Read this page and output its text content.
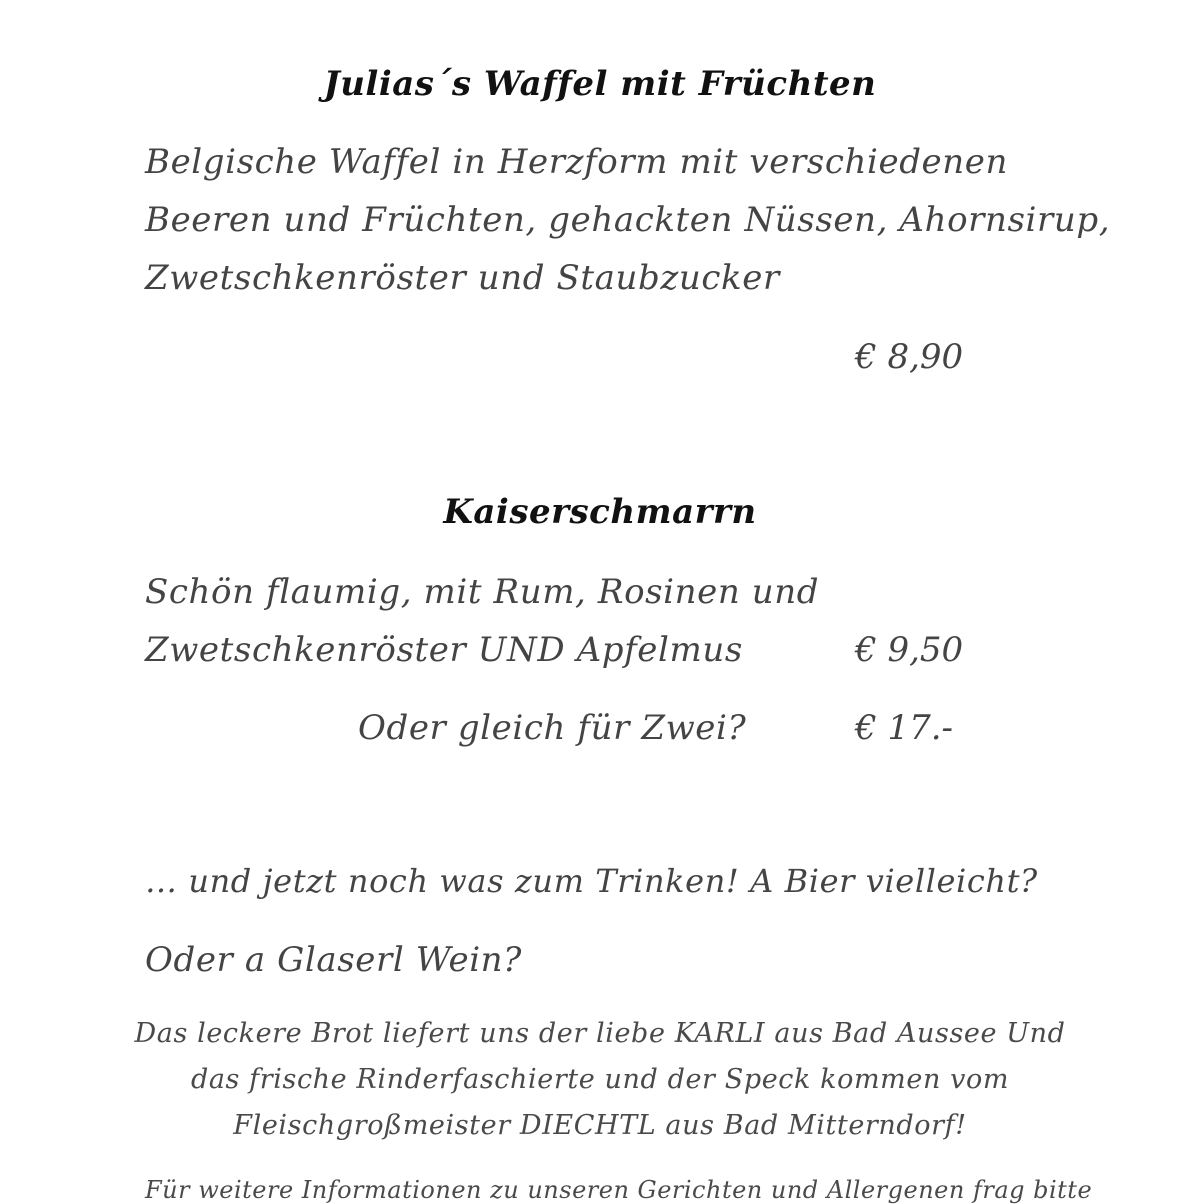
Julias´s Waffel mit Früchten
Belgische Waffel in Herzform mit verschiedenen
Beeren und Früchten, gehackten Nüssen, Ahornsirup,
Zwetschkenröster und Staubzucker
€ 8,90
Kaiserschmarrn
Schön flaumig, mit Rum, Rosinen und
Zwetschkenröster UND Apfelmus	€ 9,50
Oder gleich für Zwei?	€ 17.-
… und jetzt noch was zum Trinken! A Bier vielleicht?
Oder a Glaserl Wein?
Das leckere Brot liefert uns der liebe KARLI aus Bad Aussee Und
das frische Rinderfaschierte und der Speck kommen vom
Fleischgroßmeister DIECHTL aus Bad Mitterndorf!
Für weitere Informationen zu unseren Gerichten und Allergenen frag bitte
